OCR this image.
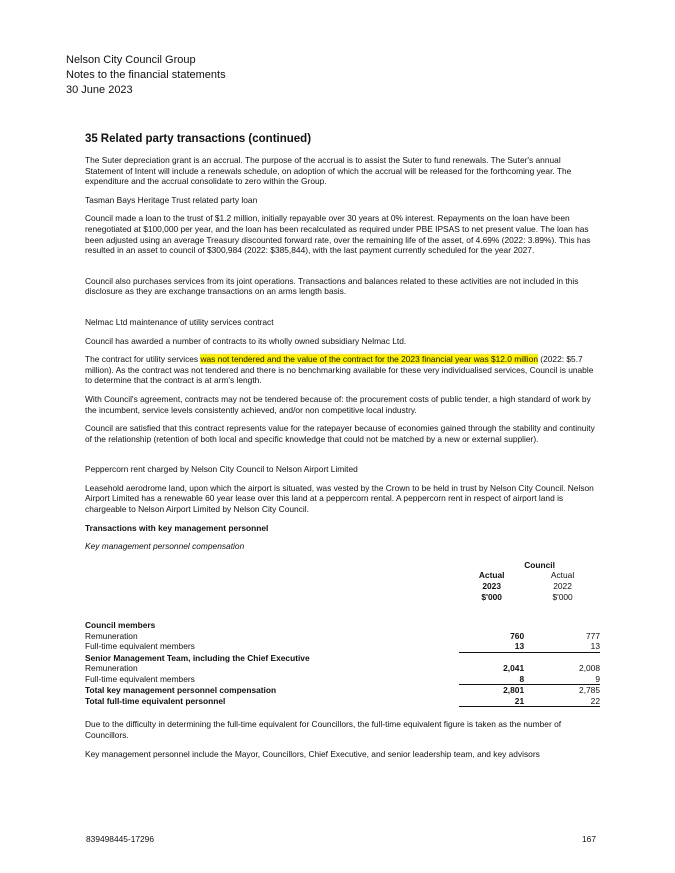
Nelson City Council Group
Notes to the financial statements
30 June 2023
35 Related party transactions (continued)

The Suter depreciation grant is an accrual. The purpose of the accrual is to assist the Suter to fund renewals. The Suter's annual Statement of Intent will include a renewals schedule, on adoption of which the accrual will be released for the forthcoming year. The expenditure and the accrual consolidate to zero within the Group.

Tasman Bays Heritage Trust related party loan

Council made a loan to the trust of $1.2 million, initially repayable over 30 years at 0% interest. Repayments on the loan have been renegotiated at $100,000 per year, and the loan has been recalculated as required under PBE IPSAS to net present value. The loan has been adjusted using an average Treasury discounted forward rate, over the remaining life of the asset, of 4.69% (2022: 3.89%). This has resulted in an asset to council of $300,984 (2022: $385,844), with the last payment currently scheduled for the year 2027.

Council also purchases services from its joint operations. Transactions and balances related to these activities are not included in this disclosure as they are exchange transactions on an arms length basis.

Nelmac Ltd maintenance of utility services contract

Council has awarded a number of contracts to its wholly owned subsidiary Nelmac Ltd.

The contract for utility services was not tendered and the value of the contract for the 2023 financial year was $12.0 million (2022: $5.7 million). As the contract was not tendered and there is no benchmarking available for these very individualised services, Council is unable to determine that the contract is at arm's length.

With Council's agreement, contracts may not be tendered because of: the procurement costs of public tender, a high standard of work by the incumbent, service levels consistently achieved, and/or non competitive local industry.

Council are satisfied that this contract represents value for the ratepayer because of economies gained through the stability and continuity of the relationship (retention of both local and specific knowledge that could not be matched by a new or external supplier).

Peppercorn rent charged by Nelson City Council to Nelson Airport Limited

Leasehold aerodrome land, upon which the airport is situated, was vested by the Crown to be held in trust by Nelson City Council. Nelson Airport Limited has a renewable 60 year lease over this land at a peppercorn rental. A peppercorn rent in respect of airport land is chargeable to Nelson Airport Limited by Nelson City Council.

Transactions with key management personnel

Key management personnel compensation

	Council	
	Actual	Actual
	2023	2022
	$'000	$'000

Council members		
Remuneration	760	777
Full-time equivalent members	13	13
Senior Management Team, including the Chief Executive		
Remuneration	2,041	2,008
Full-time equivalent members	8	9
Total key management personnel compensation	2,801	2,785
Total full-time equivalent personnel	21	22

Due to the difficulty in determining the full-time equivalent for Councillors, the full-time equivalent figure is taken as the number of Councillors.

Key management personnel include the Mayor, Councillors, Chief Executive, and senior leadership team, and key advisors

839498445-17296	167
